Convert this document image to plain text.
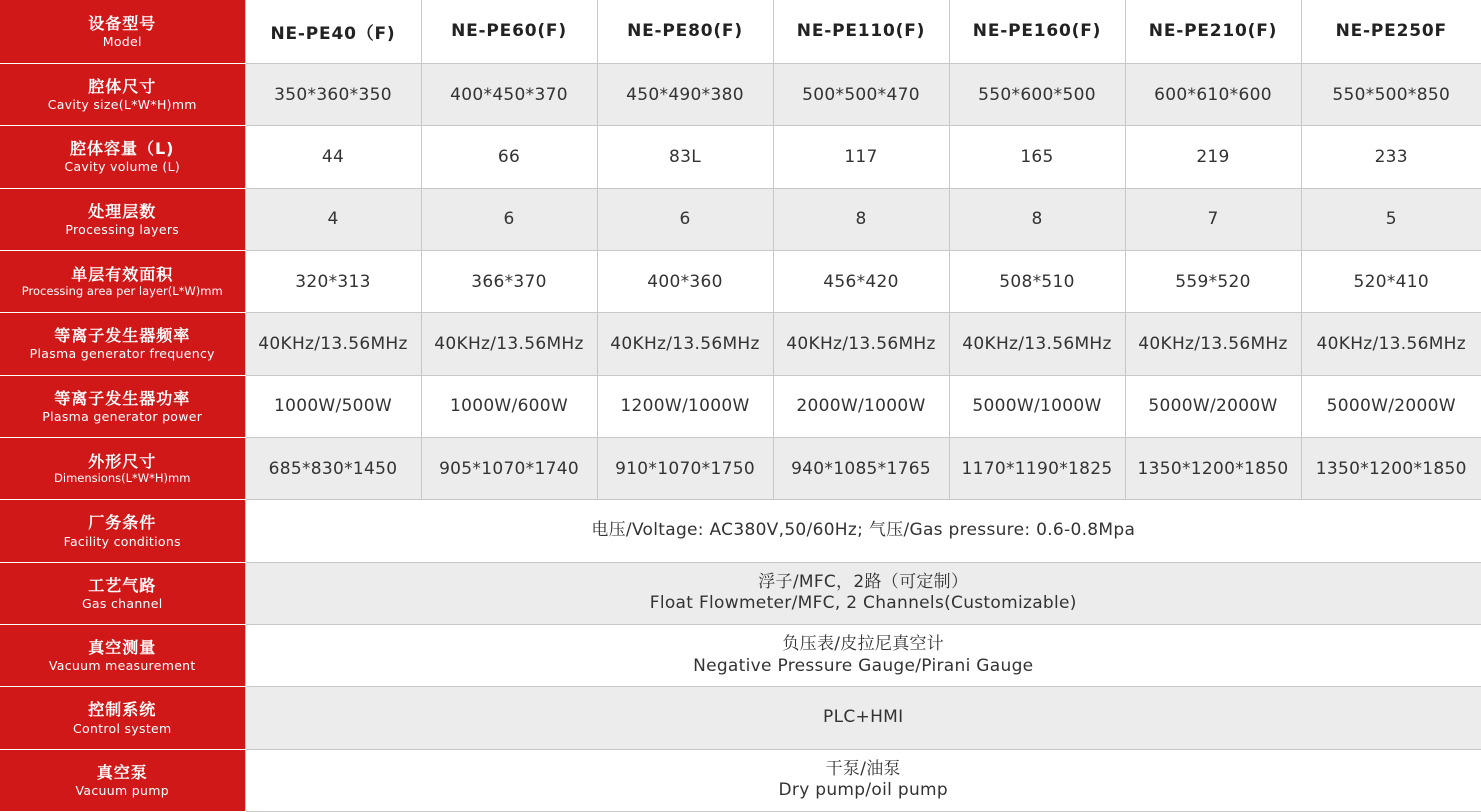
设备型号
Model	NE-PE40（F)	NE-PE60(F)	NE-PE80(F)	NE-PE110(F)	NE-PE160(F)	NE-PE210(F)	NE-PE250F

腔体尺寸
Cavity size(L*W*H)mm	350*360*350	400*450*370	450*490*380	500*500*470	550*600*500	600*610*600	550*500*850

腔体容量（L)
Cavity volume (L)	44	66	83L	117	165	219	233

处理层数
Processing layers	4	6	6	8	8	7	5

单层有效面积
Processing area per layer(L*W)mm	320*313	366*370	400*360	456*420	508*510	559*520	520*410

等离子发生器频率
Plasma generator frequency	40KHz/13.56MHz	40KHz/13.56MHz	40KHz/13.56MHz	40KHz/13.56MHz	40KHz/13.56MHz	40KHz/13.56MHz	40KHz/13.56MHz

等离子发生器功率
Plasma generator power	1000W/500W	1000W/600W	1200W/1000W	2000W/1000W	5000W/1000W	5000W/2000W	5000W/2000W

外形尺寸
Dimensions(L*W*H)mm	685*830*1450	905*1070*1740	910*1070*1750	940*1085*1765	1170*1190*1825	1350*1200*1850	1350*1200*1850

厂务条件
Facility conditions	电压/Voltage: AC380V,50/60Hz; 气压/Gas pressure: 0.6-0.8Mpa						

工艺气路
Gas channel	浮子/MFC，2路（可定制）
Float Flowmeter/MFC, 2 Channels(Customizable)						

真空测量
Vacuum measurement	负压表/皮拉尼真空计
Negative Pressure Gauge/Pirani Gauge						

控制系统
Control system	PLC+HMI						

真空泵
Vacuum pump	干泵/油泵
Dry pump/oil pump						
